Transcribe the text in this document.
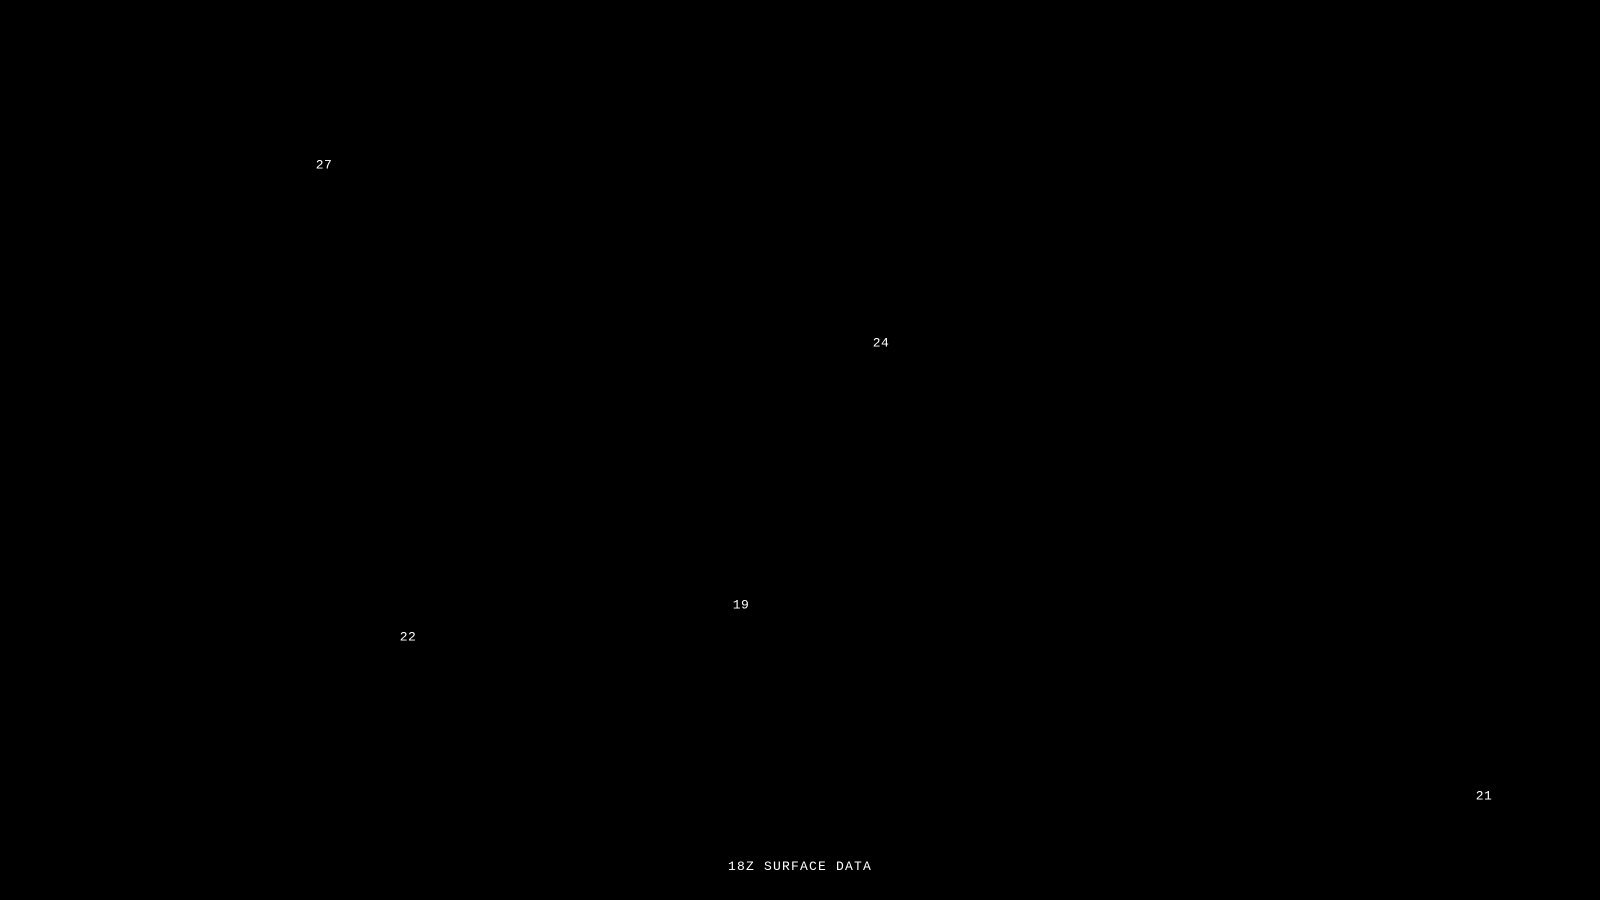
27
24
19
22
21
18Z SURFACE DATA
